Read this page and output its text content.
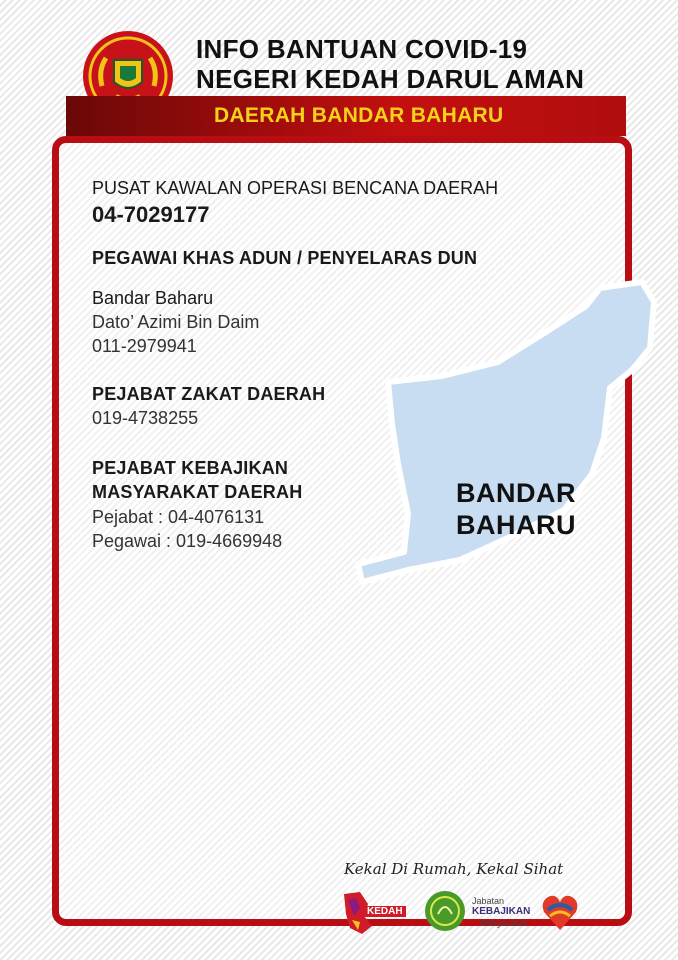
INFO BANTUAN COVID-19
NEGERI KEDAH DARUL AMAN
DAERAH BANDAR BAHARU
BANDAR
BAHARU
PUSAT KAWALAN OPERASI BENCANA DAERAH
04-7029177
PEGAWAI KHAS ADUN / PENYELARAS DUN
Bandar Baharu
Dato’ Azimi Bin Daim
011-2979941
PEJABAT ZAKAT DAERAH
019-4738255
PEJABAT KEBAJIKAN
MASYARAKAT DAERAH
Pejabat : 04-4076131
Pegawai : 019-4669948
Kekal Di Rumah, Kekal Sihat
KEDAH
Jabatan
KEBAJIKAN
Masyarakat
